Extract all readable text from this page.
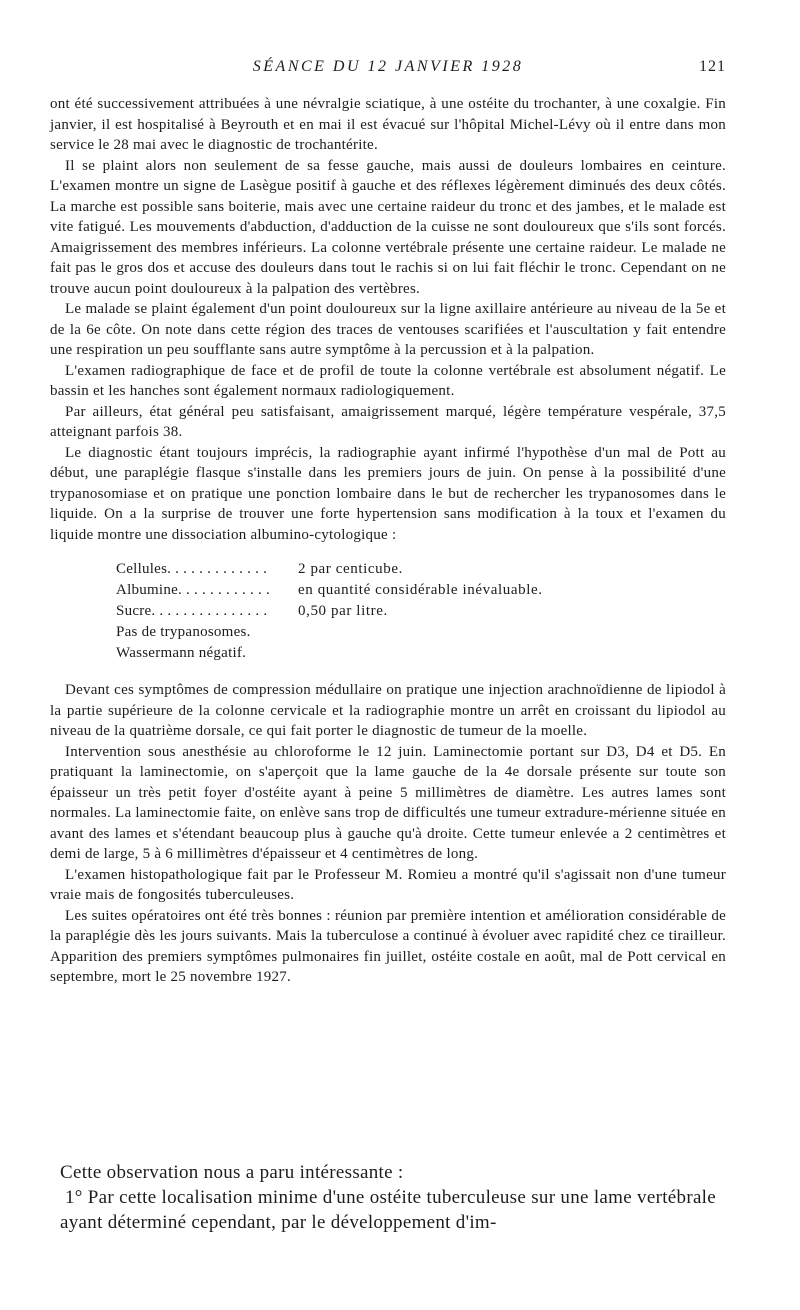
SÉANCE DU 12 JANVIER 1928	121

ont été successivement attribuées à une névralgie sciatique, à une ostéite du trochanter, à une coxalgie. Fin janvier, il est hospitalisé à Beyrouth et en mai il est évacué sur l'hôpital Michel-Lévy où il entre dans mon service le 28 mai avec le diagnostic de trochantérite.

Il se plaint alors non seulement de sa fesse gauche, mais aussi de douleurs lombaires en ceinture. L'examen montre un signe de Lasègue positif à gauche et des réflexes légèrement diminués des deux côtés. La marche est possible sans boiterie, mais avec une certaine raideur du tronc et des jambes, et le malade est vite fatigué. Les mouvements d'abduction, d'adduction de la cuisse ne sont douloureux que s'ils sont forcés. Amaigrissement des membres inférieurs. La colonne vertébrale présente une certaine raideur. Le malade ne fait pas le gros dos et accuse des douleurs dans tout le rachis si on lui fait fléchir le tronc. Cependant on ne trouve aucun point douloureux à la palpation des vertèbres.

Le malade se plaint également d'un point douloureux sur la ligne axillaire antérieure au niveau de la 5e et de la 6e côte. On note dans cette région des traces de ventouses scarifiées et l'auscultation y fait entendre une respiration un peu soufflante sans autre symptôme à la percussion et à la palpation.

L'examen radiographique de face et de profil de toute la colonne vertébrale est absolument négatif. Le bassin et les hanches sont également normaux radiologiquement.

Par ailleurs, état général peu satisfaisant, amaigrissement marqué, légère température vespérale, 37,5 atteignant parfois 38.

Le diagnostic étant toujours imprécis, la radiographie ayant infirmé l'hypothèse d'un mal de Pott au début, une paraplégie flasque s'installe dans les premiers jours de juin. On pense à la possibilité d'une trypanosomiase et on pratique une ponction lombaire dans le but de rechercher les trypanosomes dans le liquide. On a la surprise de trouver une forte hypertension sans modification à la toux et l'examen du liquide montre une dissociation albumino-cytologique :

Cellules. . . . . . . . . . . . .	2 par centicube.
Albumine. . . . . . . . . . . .	en quantité considérable inévaluable.
Sucre. . . . . . . . . . . . . . .	0,50 par litre.
Pas de trypanosomes.
Wassermann négatif.

Devant ces symptômes de compression médullaire on pratique une injection arachnoïdienne de lipiodol à la partie supérieure de la colonne cervicale et la radiographie montre un arrêt en croissant du lipiodol au niveau de la quatrième dorsale, ce qui fait porter le diagnostic de tumeur de la moelle.

Intervention sous anesthésie au chloroforme le 12 juin. Laminectomie portant sur D3, D4 et D5. En pratiquant la laminectomie, on s'aperçoit que la lame gauche de la 4e dorsale présente sur toute son épaisseur un très petit foyer d'ostéite ayant à peine 5 millimètres de diamètre. Les autres lames sont normales. La laminectomie faite, on enlève sans trop de difficultés une tumeur extradure-mérienne située en avant des lames et s'étendant beaucoup plus à gauche qu'à droite. Cette tumeur enlevée a 2 centimètres et demi de large, 5 à 6 millimètres d'épaisseur et 4 centimètres de long.

L'examen histopathologique fait par le Professeur M. Romieu a montré qu'il s'agissait non d'une tumeur vraie mais de fongosités tuberculeuses.

Les suites opératoires ont été très bonnes : réunion par première intention et amélioration considérable de la paraplégie dès les jours suivants. Mais la tuberculose a continué à évoluer avec rapidité chez ce tirailleur. Apparition des premiers symptômes pulmonaires fin juillet, ostéite costale en août, mal de Pott cervical en septembre, mort le 25 novembre 1927.

Cette observation nous a paru intéressante :

1° Par cette localisation minime d'une ostéite tuberculeuse sur une lame vertébrale ayant déterminé cependant, par le développement d'im-
